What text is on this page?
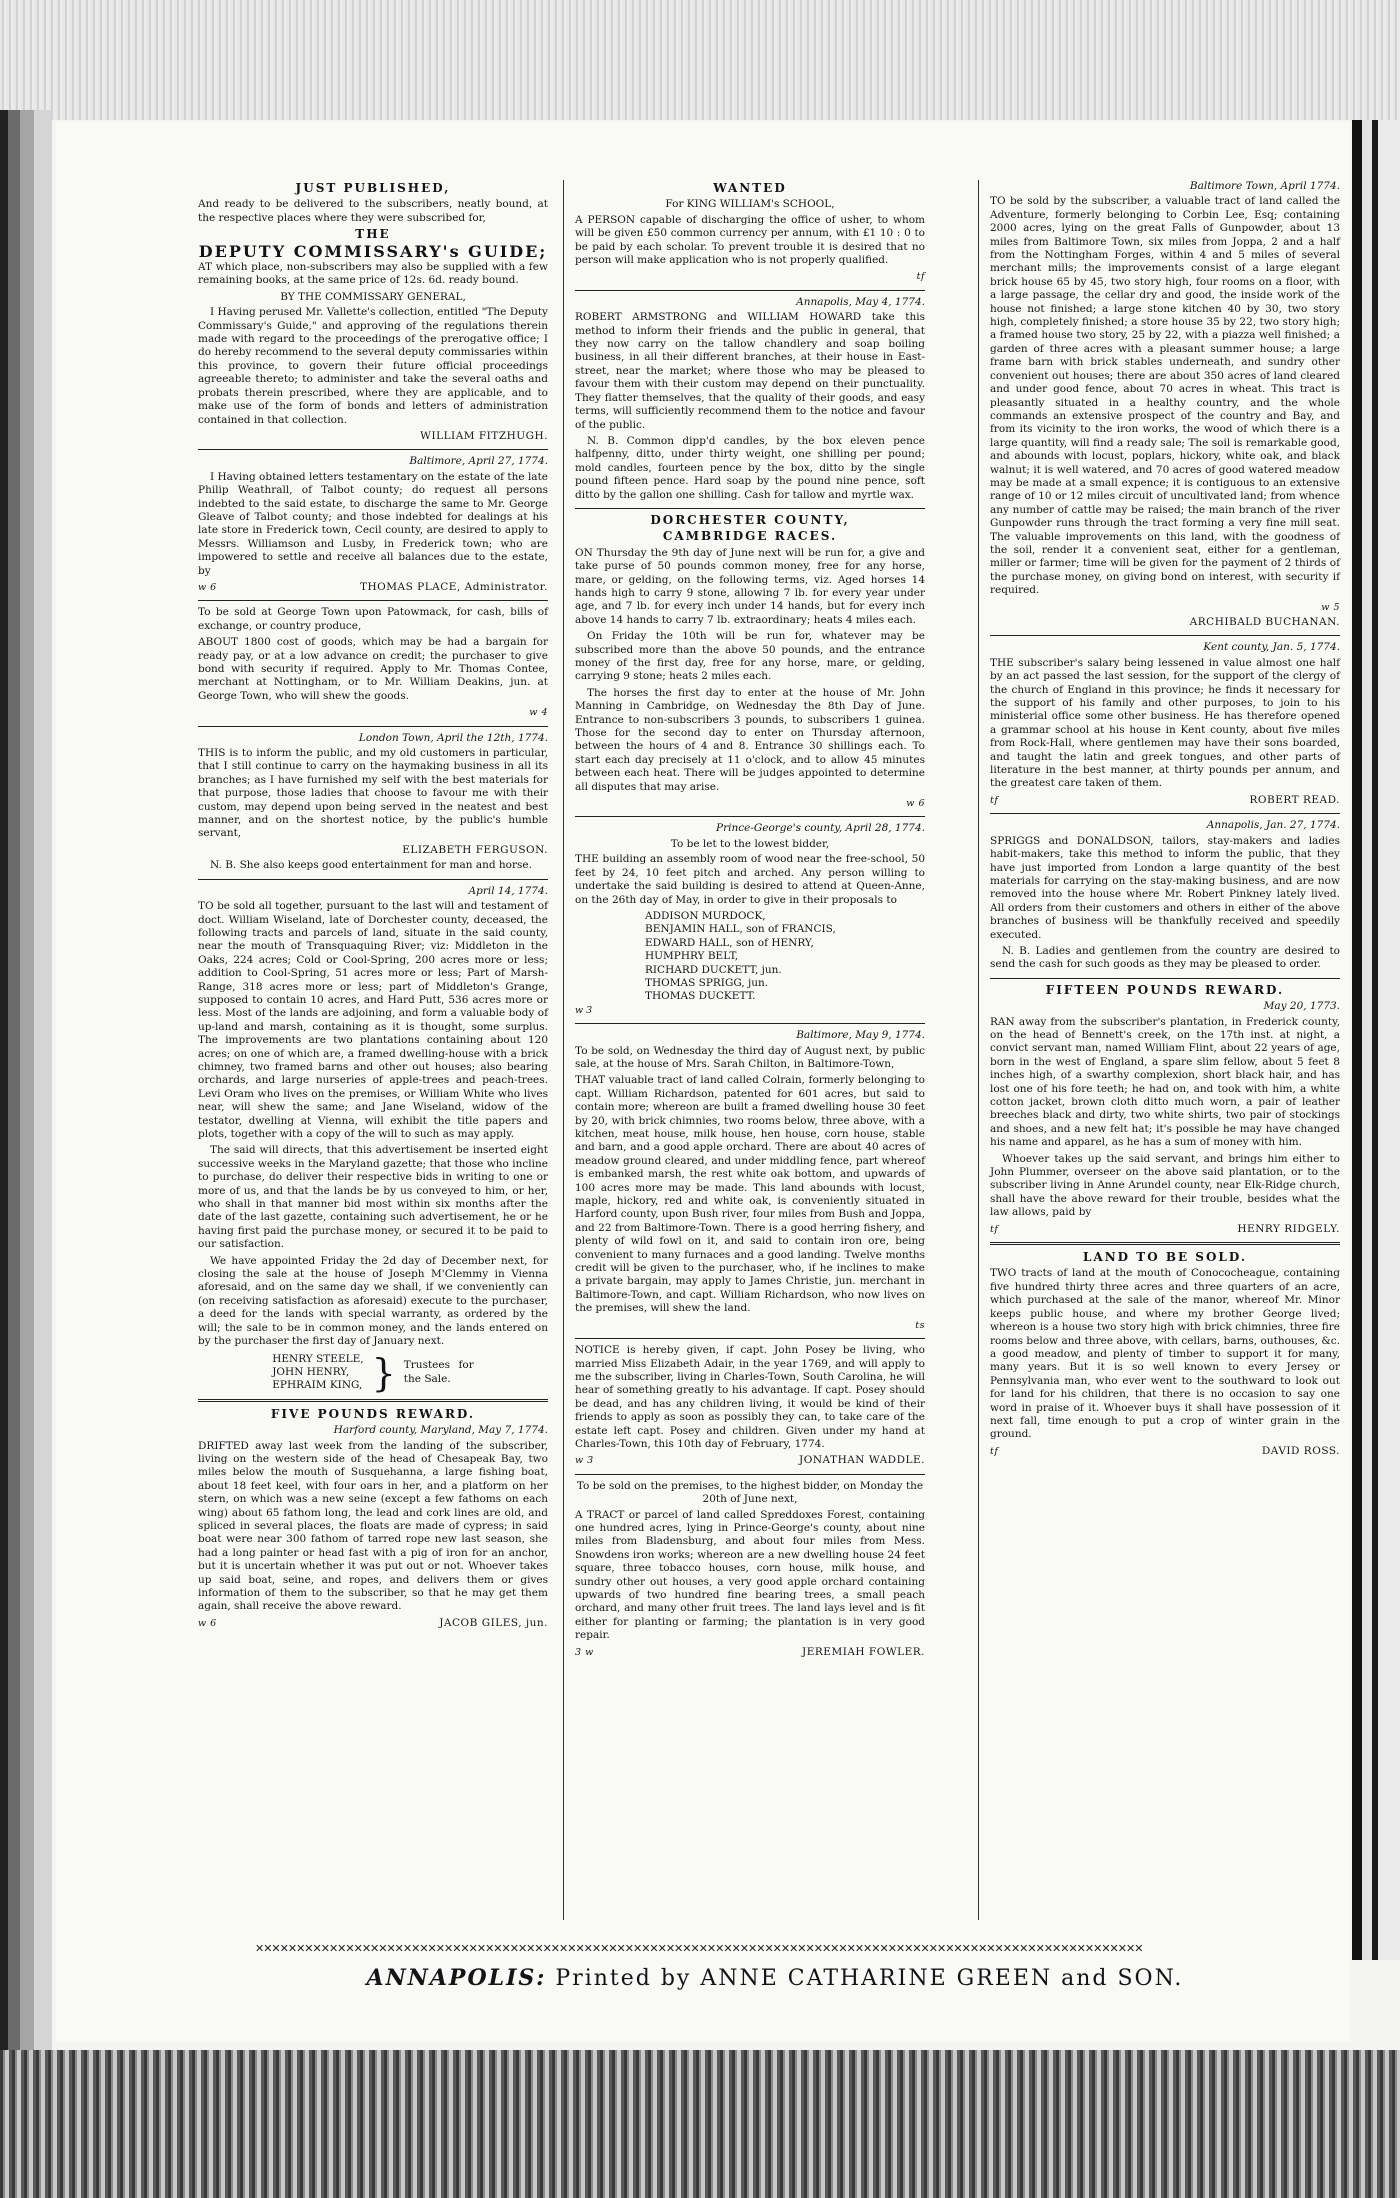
JUST PUBLISHED,

And ready to be delivered to the subscribers, neatly bound, at the respective places where they were subscribed for,

THE
DEPUTY COMMISSARY's GUIDE;

AT which place, non-subscribers may also be supplied with a few remaining books, at the same price of 12s. 6d. ready bound.

BY THE COMMISSARY GENERAL,

I Having perused Mr. Vallette's collection, entitled "The Deputy Commissary's Guide," and approving of the regulations therein made with regard to the proceedings of the prerogative office; I do hereby recommend to the several deputy commissaries within this province, to govern their future official proceedings agreeable thereto; to administer and take the several oaths and probats therein prescribed, where they are applicable, and to make use of the form of bonds and letters of administration contained in that collection.

WILLIAM FITZHUGH.
Baltimore, April 27, 1774.

I Having obtained letters testamentary on the estate of the late Philip Weathrall, of Talbot county; do request all persons indebted to the said estate, to discharge the same to Mr. George Gleave of Talbot county; and those indebted for dealings at his late store in Frederick town, Cecil county, are desired to apply to Messrs. Williamson and Lusby, in Frederick town; who are impowered to settle and receive all balances due to the estate, by

w 6	THOMAS PLACE, Administrator.

To be sold at George Town upon Patowmack, for cash, bills of exchange, or country produce,

ABOUT 1800 cost of goods, which may be had a bargain for ready pay, or at a low advance on credit; the purchaser to give bond with security if required. Apply to Mr. Thomas Contee, merchant at Nottingham, or to Mr. William Deakins, jun. at George Town, who will shew the goods.

w 4
London Town, April the 12th, 1774.

THIS is to inform the public, and my old customers in particular, that I still continue to carry on the haymaking business in all its branches; as I have furnished my self with the best materials for that purpose, those ladies that choose to favour me with their custom, may depend upon being served in the neatest and best manner, and on the shortest notice, by the public's humble servant,

ELIZABETH FERGUSON.

N. B. She also keeps good entertainment for man and horse.

April 14, 1774.

TO be sold all together, pursuant to the last will and testament of doct. William Wiseland, late of Dorchester county, deceased, the following tracts and parcels of land, situate in the said county, near the mouth of Transquaquing River; viz: Middleton in the Oaks, 224 acres; Cold or Cool-Spring, 200 acres more or less; addition to Cool-Spring, 51 acres more or less; Part of Marsh-Range, 318 acres more or less; part of Middleton's Grange, supposed to contain 10 acres, and Hard Putt, 536 acres more or less. Most of the lands are adjoining, and form a valuable body of up-land and marsh, containing as it is thought, some surplus. The improvements are two plantations containing about 120 acres; on one of which are, a framed dwelling-house with a brick chimney, two framed barns and other out houses; also bearing orchards, and large nurseries of apple-trees and peach-trees. Levi Oram who lives on the premises, or William White who lives near, will shew the same; and Jane Wiseland, widow of the testator, dwelling at Vienna, will exhibit the title papers and plots, together with a copy of the will to such as may apply.

The said will directs, that this advertisement be inserted eight successive weeks in the Maryland gazette; that those who incline to purchase, do deliver their respective bids in writing to one or more of us, and that the lands be by us conveyed to him, or her, who shall in that manner bid most within six months after the date of the last gazette, containing such advertisement, he or he having first paid the purchase money, or secured it to be paid to our satisfaction.

We have appointed Friday the 2d day of December next, for closing the sale at the house of Joseph M'Clemmy in Vienna aforesaid, and on the same day we shall, if we conveniently can (on receiving satisfaction as aforesaid) execute to the purchaser, a deed for the lands with special warranty, as ordered by the will; the sale to be in common money, and the lands entered on by the purchaser the first day of January next.

HENRY STEELE,
JOHN HENRY,
EPHRAIM KING, } Trustees for the Sale.
FIVE POUNDS REWARD.
Harford county, Maryland, May 7, 1774.

DRIFTED away last week from the landing of the subscriber, living on the western side of the head of Chesapeak Bay, two miles below the mouth of Susquehanna, a large fishing boat, about 18 feet keel, with four oars in her, and a platform on her stern, on which was a new seine (except a few fathoms on each wing) about 65 fathom long, the lead and cork lines are old, and spliced in several places, the floats are made of cypress; in said boat were near 300 fathom of tarred rope new last season, she had a long painter or head fast with a pig of iron for an anchor, but it is uncertain whether it was put out or not. Whoever takes up said boat, seine, and ropes, and delivers them or gives information of them to the subscriber, so that he may get them again, shall receive the above reward.

w 6	JACOB GILES, jun.
WANTED
For KING WILLIAM's SCHOOL,

A PERSON capable of discharging the office of usher, to whom will be given £50 common currency per annum, with £1 10 : 0 to be paid by each scholar. To prevent trouble it is desired that no person will make application who is not properly qualified.

tf
Annapolis, May 4, 1774.

ROBERT ARMSTRONG and WILLIAM HOWARD take this method to inform their friends and the public in general, that they now carry on the tallow chandlery and soap boiling business, in all their different branches, at their house in East-street, near the market; where those who may be pleased to favour them with their custom may depend on their punctuality. They flatter themselves, that the quality of their goods, and easy terms, will sufficiently recommend them to the notice and favour of the public.

N. B. Common dipp'd candles, by the box eleven pence halfpenny, ditto, under thirty weight, one shilling per pound; mold candles, fourteen pence by the box, ditto by the single pound fifteen pence. Hard soap by the pound nine pence, soft ditto by the gallon one shilling. Cash for tallow and myrtle wax.

DORCHESTER COUNTY,
CAMBRIDGE RACES.

ON Thursday the 9th day of June next will be run for, a give and take purse of 50 pounds common money, free for any horse, mare, or gelding, on the following terms, viz. Aged horses 14 hands high to carry 9 stone, allowing 7 lb. for every year under age, and 7 lb. for every inch under 14 hands, but for every inch above 14 hands to carry 7 lb. extraordinary; heats 4 miles each.

On Friday the 10th will be run for, whatever may be subscribed more than the above 50 pounds, and the entrance money of the first day, free for any horse, mare, or gelding, carrying 9 stone; heats 2 miles each.

The horses the first day to enter at the house of Mr. John Manning in Cambridge, on Wednesday the 8th Day of June. Entrance to non-subscribers 3 pounds, to subscribers 1 guinea. Those for the second day to enter on Thursday afternoon, between the hours of 4 and 8. Entrance 30 shillings each. To start each day precisely at 11 o'clock, and to allow 45 minutes between each heat. There will be judges appointed to determine all disputes that may arise.

w 6
Prince-George's county, April 28, 1774.
To be let to the lowest bidder,

THE building an assembly room of wood near the free-school, 50 feet by 24, 10 feet pitch and arched. Any person willing to undertake the said building is desired to attend at Queen-Anne, on the 26th day of May, in order to give in their proposals to

ADDISON MURDOCK,
BENJAMIN HALL, son of FRANCIS,
EDWARD HALL, son of HENRY,
HUMPHRY BELT,
RICHARD DUCKETT, jun.
THOMAS SPRIGG, jun.
THOMAS DUCKETT.
w 3
Baltimore, May 9, 1774.

To be sold, on Wednesday the third day of August next, by public sale, at the house of Mrs. Sarah Chilton, in Baltimore-Town,

THAT valuable tract of land called Colrain, formerly belonging to capt. William Richardson, patented for 601 acres, but said to contain more; whereon are built a framed dwelling house 30 feet by 20, with brick chimnies, two rooms below, three above, with a kitchen, meat house, milk house, hen house, corn house, stable and barn, and a good apple orchard. There are about 40 acres of meadow ground cleared, and under middling fence, part whereof is embanked marsh, the rest white oak bottom, and upwards of 100 acres more may be made. This land abounds with locust, maple, hickory, red and white oak, is conveniently situated in Harford county, upon Bush river, four miles from Bush and Joppa, and 22 from Baltimore-Town. There is a good herring fishery, and plenty of wild fowl on it, and said to contain iron ore, being convenient to many furnaces and a good landing. Twelve months credit will be given to the purchaser, who, if he inclines to make a private bargain, may apply to James Christie, jun. merchant in Baltimore-Town, and capt. William Richardson, who now lives on the premises, will shew the land.

ts

NOTICE is hereby given, if capt. John Posey be living, who married Miss Elizabeth Adair, in the year 1769, and will apply to me the subscriber, living in Charles-Town, South Carolina, he will hear of something greatly to his advantage. If capt. Posey should be dead, and has any children living, it would be kind of their friends to apply as soon as possibly they can, to take care of the estate left capt. Posey and children. Given under my hand at Charles-Town, this 10th day of February, 1774.

w 3	JONATHAN WADDLE.
To be sold on the premises, to the highest bidder, on Monday the 20th of June next,

A TRACT or parcel of land called Spreddoxes Forest, containing one hundred acres, lying in Prince-George's county, about nine miles from Bladensburg, and about four miles from Mess. Snowdens iron works; whereon are a new dwelling house 24 feet square, three tobacco houses, corn house, milk house, and sundry other out houses, a very good apple orchard containing upwards of two hundred fine bearing trees, a small peach orchard, and many other fruit trees. The land lays level and is fit either for planting or farming; the plantation is in very good repair.

3 w	JEREMIAH FOWLER.
Baltimore Town, April 1774.

TO be sold by the subscriber, a valuable tract of land called the Adventure, formerly belonging to Corbin Lee, Esq; containing 2000 acres, lying on the great Falls of Gunpowder, about 13 miles from Baltimore Town, six miles from Joppa, 2 and a half from the Nottingham Forges, within 4 and 5 miles of several merchant mills; the improvements consist of a large elegant brick house 65 by 45, two story high, four rooms on a floor, with a large passage, the cellar dry and good, the inside work of the house not finished; a large stone kitchen 40 by 30, two story high, completely finished; a store house 35 by 22, two story high; a framed house two story, 25 by 22, with a piazza well finished; a garden of three acres with a pleasant summer house; a large frame barn with brick stables underneath, and sundry other convenient out houses; there are about 350 acres of land cleared and under good fence, about 70 acres in wheat. This tract is pleasantly situated in a healthy country, and the whole commands an extensive prospect of the country and Bay, and from its vicinity to the iron works, the wood of which there is a large quantity, will find a ready sale; The soil is remarkable good, and abounds with locust, poplars, hickory, white oak, and black walnut; it is well watered, and 70 acres of good watered meadow may be made at a small expence; it is contiguous to an extensive range of 10 or 12 miles circuit of uncultivated land; from whence any number of cattle may be raised; the main branch of the river Gunpowder runs through the tract forming a very fine mill seat. The valuable improvements on this land, with the goodness of the soil, render it a convenient seat, either for a gentleman, miller or farmer; time will be given for the payment of 2 thirds of the purchase money, on giving bond on interest, with security if required.

w 5
ARCHIBALD BUCHANAN.
Kent county, Jan. 5, 1774.

THE subscriber's salary being lessened in value almost one half by an act passed the last session, for the support of the clergy of the church of England in this province; he finds it necessary for the support of his family and other purposes, to join to his ministerial office some other business. He has therefore opened a grammar school at his house in Kent county, about five miles from Rock-Hall, where gentlemen may have their sons boarded, and taught the latin and greek tongues, and other parts of literature in the best manner, at thirty pounds per annum, and the greatest care taken of them.

tf	ROBERT READ.
Annapolis, Jan. 27, 1774.

SPRIGGS and DONALDSON, tailors, stay-makers and ladies habit-makers, take this method to inform the public, that they have just imported from London a large quantity of the best materials for carrying on the stay-making business, and are now removed into the house where Mr. Robert Pinkney lately lived. All orders from their customers and others in either of the above branches of business will be thankfully received and speedily executed.

N. B. Ladies and gentlemen from the country are desired to send the cash for such goods as they may be pleased to order.

FIFTEEN POUNDS REWARD.
May 20, 1773.

RAN away from the subscriber's plantation, in Frederick county, on the head of Bennett's creek, on the 17th inst. at night, a convict servant man, named William Flint, about 22 years of age, born in the west of England, a spare slim fellow, about 5 feet 8 inches high, of a swarthy complexion, short black hair, and has lost one of his fore teeth; he had on, and took with him, a white cotton jacket, brown cloth ditto much worn, a pair of leather breeches black and dirty, two white shirts, two pair of stockings and shoes, and a new felt hat; it's possible he may have changed his name and apparel, as he has a sum of money with him.

Whoever takes up the said servant, and brings him either to John Plummer, overseer on the above said plantation, or to the subscriber living in Anne Arundel county, near Elk-Ridge church, shall have the above reward for their trouble, besides what the law allows, paid by

tf	HENRY RIDGELY.
LAND TO BE SOLD.

TWO tracts of land at the mouth of Conococheague, containing five hundred thirty three acres and three quarters of an acre, which purchased at the sale of the manor, whereof Mr. Minor keeps public house, and where my brother George lived; whereon is a house two story high with brick chimnies, three fire rooms below and three above, with cellars, barns, outhouses, &c. a good meadow, and plenty of timber to support it for many, many years. But it is so well known to every Jersey or Pennsylvania man, who ever went to the southward to look out for land for his children, that there is no occasion to say one word in praise of it. Whoever buys it shall have possession of it next fall, time enough to put a crop of winter grain in the ground.

tf	DAVID ROSS.
✕✕✕✕✕✕✕✕✕✕✕✕✕✕✕✕✕✕✕✕✕✕✕✕✕✕✕✕✕✕✕✕✕✕✕✕✕✕✕✕✕✕✕✕✕✕✕✕✕✕✕✕✕✕✕✕✕✕✕✕✕✕✕✕✕✕✕✕✕✕✕✕✕✕✕✕✕✕✕✕✕✕✕✕✕✕✕✕✕✕✕✕✕✕✕✕✕✕✕✕✕✕✕✕✕✕✕✕
ANNAPOLIS: Printed by ANNE CATHARINE GREEN and SON.
